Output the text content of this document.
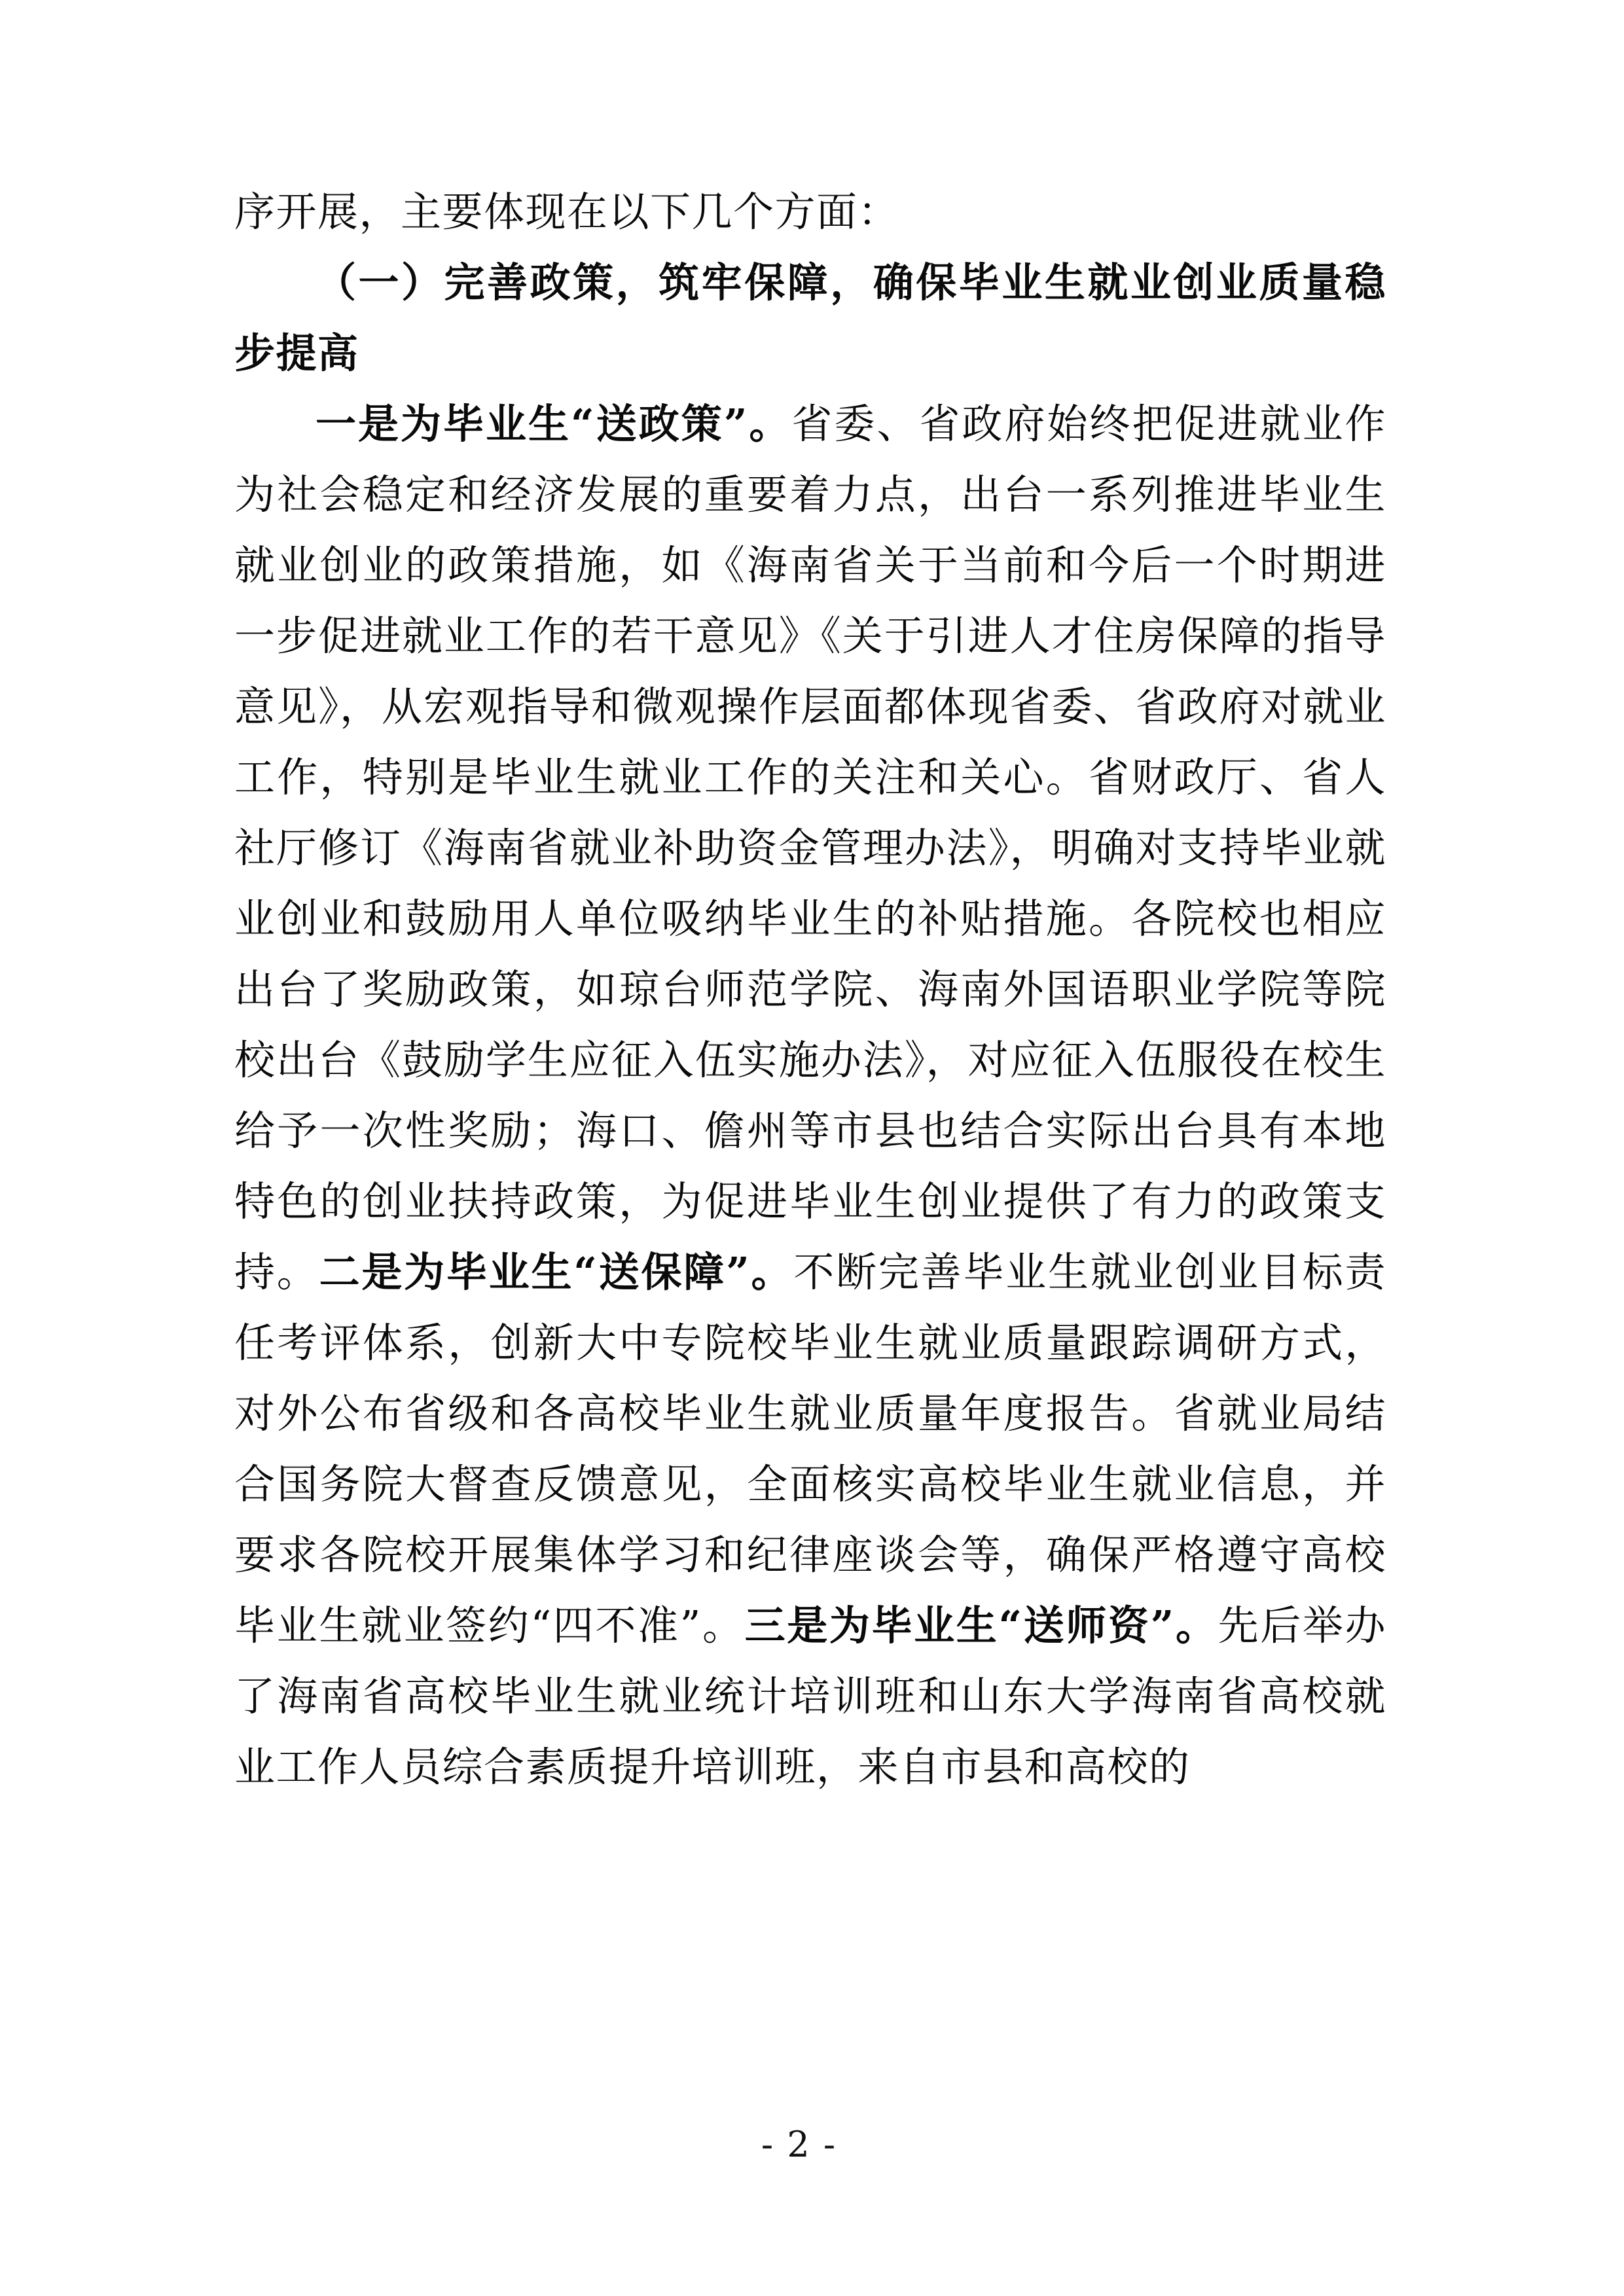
序开展，主要体现在以下几个方面：

（一）完善政策，筑牢保障，确保毕业生就业创业质量稳步提高

一是为毕业生“送政策”。省委、省政府始终把促进就业作为社会稳定和经济发展的重要着力点，出台一系列推进毕业生就业创业的政策措施，如《海南省关于当前和今后一个时期进一步促进就业工作的若干意见》《关于引进人才住房保障的指导意见》，从宏观指导和微观操作层面都体现省委、省政府对就业工作，特别是毕业生就业工作的关注和关心。省财政厅、省人社厅修订《海南省就业补助资金管理办法》，明确对支持毕业就业创业和鼓励用人单位吸纳毕业生的补贴措施。各院校也相应出台了奖励政策，如琼台师范学院、海南外国语职业学院等院校出台《鼓励学生应征入伍实施办法》，对应征入伍服役在校生给予一次性奖励；海口、儋州等市县也结合实际出台具有本地特色的创业扶持政策，为促进毕业生创业提供了有力的政策支持。二是为毕业生“送保障”。不断完善毕业生就业创业目标责任考评体系，创新大中专院校毕业生就业质量跟踪调研方式，对外公布省级和各高校毕业生就业质量年度报告。省就业局结合国务院大督查反馈意见，全面核实高校毕业生就业信息，并要求各院校开展集体学习和纪律座谈会等，确保严格遵守高校毕业生就业签约“四不准”。三是为毕业生“送师资”。先后举办了海南省高校毕业生就业统计培训班和山东大学海南省高校就业工作人员综合素质提升培训班，来自市县和高校的

- 2 -
